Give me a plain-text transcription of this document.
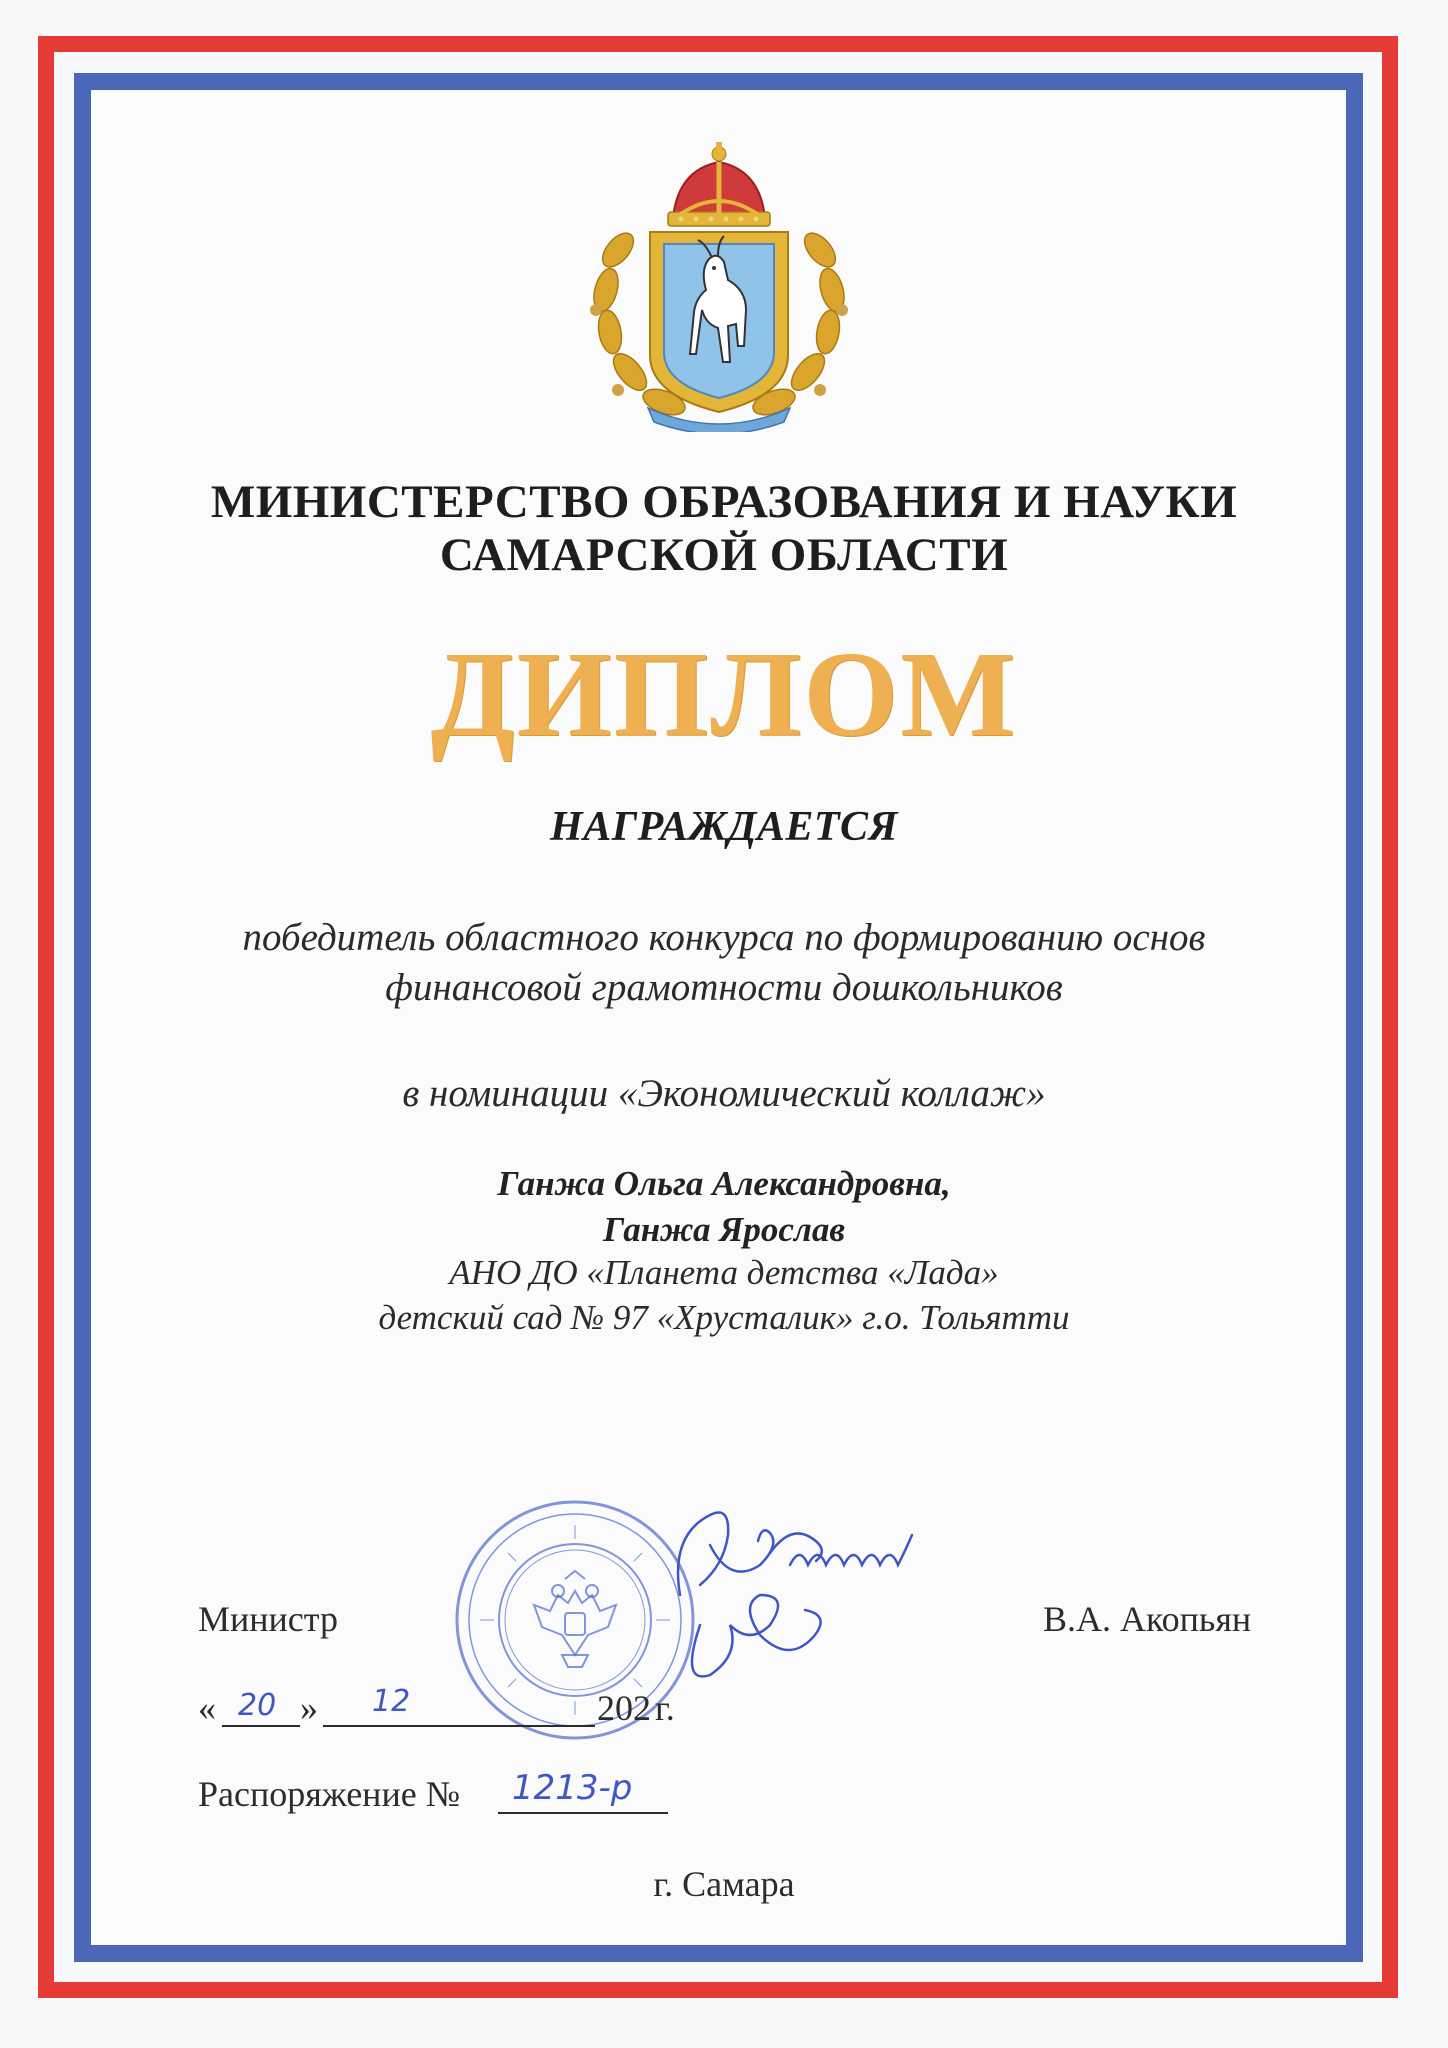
МИНИСТЕРСТВО ОБРАЗОВАНИЯ И НАУКИ
САМАРСКОЙ ОБЛАСТИ
ДИПЛОМ
НАГРАЖДАЕТСЯ
победитель областного конкурса по формированию основ
финансовой грамотности дошкольников
в номинации «Экономический коллаж»
Ганжа Ольга Александровна,
Ганжа Ярослав
АНО ДО «Планета детства «Лада»
детский сад № 97 «Хрусталик» г.о. Тольятти
Министр	В.А. Акопьян
« 20 » 12	202 г.
Распоряжение № 1213-р
г. Самара
